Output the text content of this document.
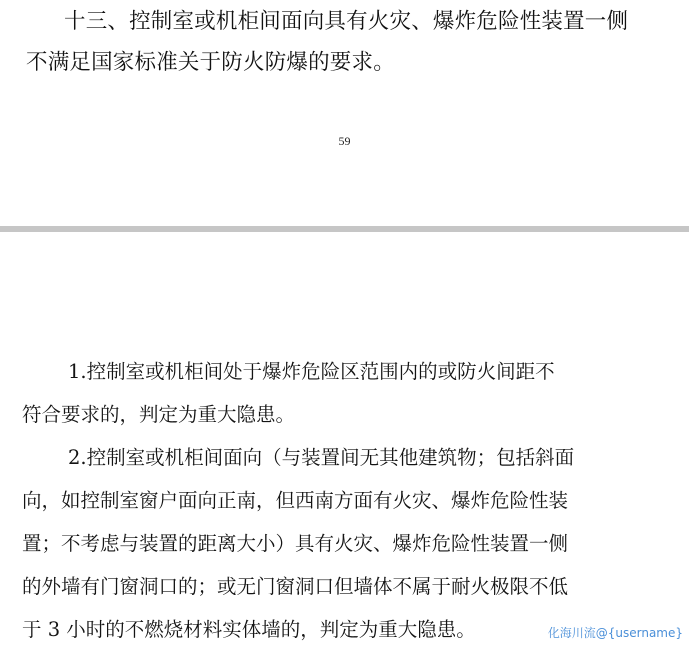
十三、控制室或机柜间面向具有火灾、爆炸危险性装置一侧
不满足国家标准关于防火防爆的要求。
59
1.控制室或机柜间处于爆炸危险区范围内的或防火间距不
符合要求的，判定为重大隐患。
2.控制室或机柜间面向（与装置间无其他建筑物；包括斜面
向，如控制室窗户面向正南，但西南方面有火灾、爆炸危险性装
置；不考虑与装置的距离大小）具有火灾、爆炸危险性装置一侧
的外墙有门窗洞口的；或无门窗洞口但墙体不属于耐火极限不低
于 3 小时的不燃烧材料实体墙的，判定为重大隐患。	化海川流@{username}
